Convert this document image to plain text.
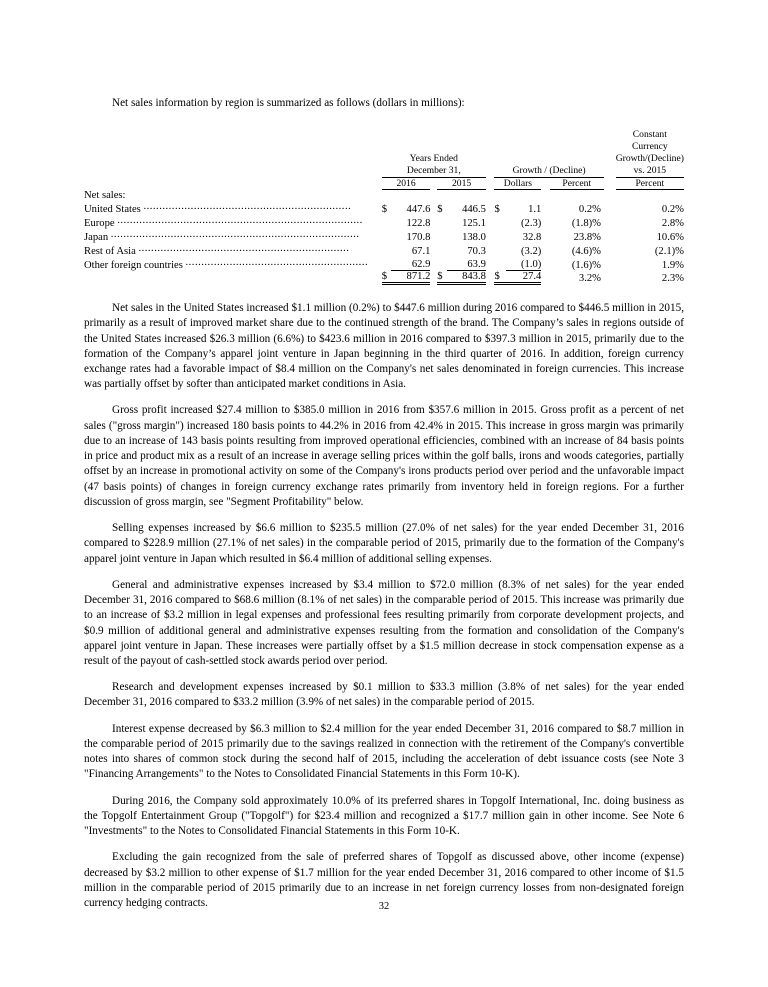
Net sales information by region is summarized as follows (dollars in millions):

	Years Ended
December 31,						Growth / (Decline)						Constant Currency
Growth/(Decline)
vs. 2015

	2016			2015			Dollars			Percent			Percent
Net sales:													
United States ..................................................................	$	447.6		$	446.5		$	1.1		0.2	%		0.2%
Europe ..............................................................................		122.8			125.1			(2.3)		(1.8)	%		2.8%
Japan ...............................................................................		170.8			138.0			32.8		23.8	%		10.6%
Rest of Asia ...................................................................		67.1			70.3			(3.2)		(4.6)	%		(2.1)%
Other foreign countries ..........................................................		62.9			63.9			(1.0)		(1.6)	%		1.9%
	$	871.2		$	843.8		$	27.4		3.2	%		2.3%

Net sales in the United States increased $1.1 million (0.2%) to $447.6 million during 2016 compared to $446.5 million in 2015, primarily as a result of improved market share due to the continued strength of the brand. The Company’s sales in regions outside of the United States increased $26.3 million (6.6%) to $423.6 million in 2016 compared to $397.3 million in 2015, primarily due to the formation of the Company’s apparel joint venture in Japan beginning in the third quarter of 2016. In addition, foreign currency exchange rates had a favorable impact of $8.4 million on the Company's net sales denominated in foreign currencies. This increase was partially offset by softer than anticipated market conditions in Asia.

Gross profit increased $27.4 million to $385.0 million in 2016 from $357.6 million in 2015. Gross profit as a percent of net sales ("gross margin") increased 180 basis points to 44.2% in 2016 from 42.4% in 2015. This increase in gross margin was primarily due to an increase of 143 basis points resulting from improved operational efficiencies, combined with an increase of 84 basis points in price and product mix as a result of an increase in average selling prices within the golf balls, irons and woods categories, partially offset by an increase in promotional activity on some of the Company's irons products period over period and the unfavorable impact (47 basis points) of changes in foreign currency exchange rates primarily from inventory held in foreign regions. For a further discussion of gross margin, see "Segment Profitability" below.

Selling expenses increased by $6.6 million to $235.5 million (27.0% of net sales) for the year ended December 31, 2016 compared to $228.9 million (27.1% of net sales) in the comparable period of 2015, primarily due to the formation of the Company's apparel joint venture in Japan which resulted in $6.4 million of additional selling expenses.

General and administrative expenses increased by $3.4 million to $72.0 million (8.3% of net sales) for the year ended December 31, 2016 compared to $68.6 million (8.1% of net sales) in the comparable period of 2015. This increase was primarily due to an increase of $3.2 million in legal expenses and professional fees resulting primarily from corporate development projects, and $0.9 million of additional general and administrative expenses resulting from the formation and consolidation of the Company's apparel joint venture in Japan. These increases were partially offset by a $1.5 million decrease in stock compensation expense as a result of the payout of cash-settled stock awards period over period.

Research and development expenses increased by $0.1 million to $33.3 million (3.8% of net sales) for the year ended December 31, 2016 compared to $33.2 million (3.9% of net sales) in the comparable period of 2015.

Interest expense decreased by $6.3 million to $2.4 million for the year ended December 31, 2016 compared to $8.7 million in the comparable period of 2015 primarily due to the savings realized in connection with the retirement of the Company's convertible notes into shares of common stock during the second half of 2015, including the acceleration of debt issuance costs (see Note 3 "Financing Arrangements" to the Notes to Consolidated Financial Statements in this Form 10-K).

During 2016, the Company sold approximately 10.0% of its preferred shares in Topgolf International, Inc. doing business as the Topgolf Entertainment Group ("Topgolf") for $23.4 million and recognized a $17.7 million gain in other income. See Note 6 "Investments" to the Notes to Consolidated Financial Statements in this Form 10-K.

Excluding the gain recognized from the sale of preferred shares of Topgolf as discussed above, other income (expense) decreased by $3.2 million to other expense of $1.7 million for the year ended December 31, 2016 compared to other income of $1.5 million in the comparable period of 2015 primarily due to an increase in net foreign currency losses from non-designated foreign currency hedging contracts.	32
